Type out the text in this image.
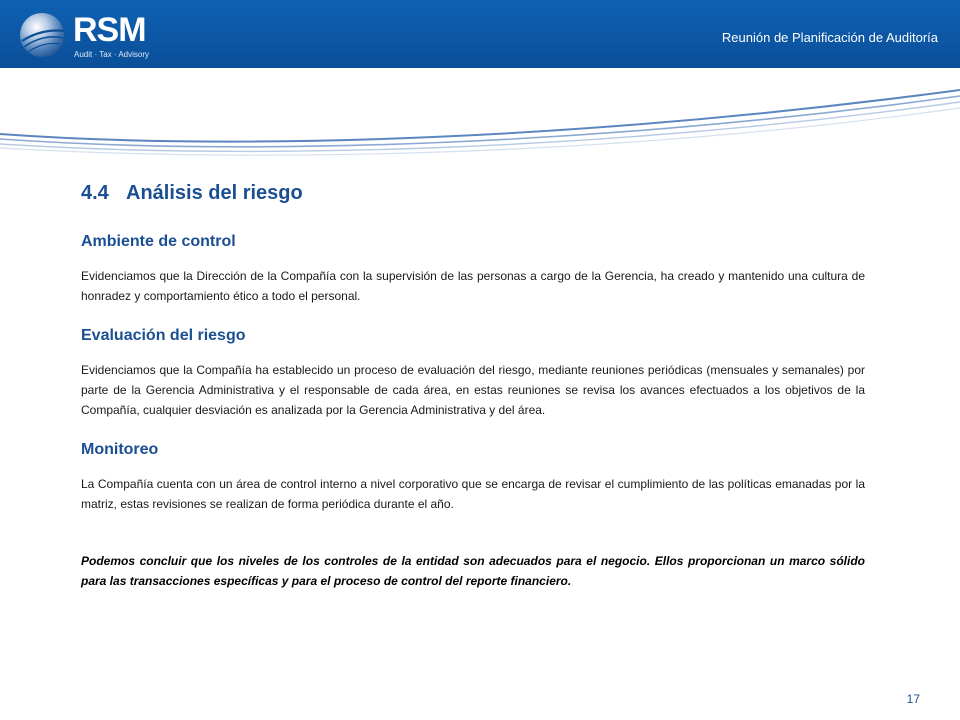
RSM
Audit · Tax · Advisory
Reunión de Planificación de Auditoría
4.4 Análisis del riesgo
Ambiente de control

Evidenciamos que la Dirección de la Compañía con la supervisión de las personas a cargo de la Gerencia, ha creado y mantenido una cultura de honradez y comportamiento ético a todo el personal.

Evaluación del riesgo

Evidenciamos que la Compañía ha establecido un proceso de evaluación del riesgo, mediante reuniones periódicas (mensuales y semanales) por parte de la Gerencia Administrativa y el responsable de cada área, en estas reuniones se revisa los avances efectuados a los objetivos de la Compañía, cualquier desviación es analizada por la Gerencia Administrativa y del área.

Monitoreo

La Compañía cuenta con un área de control interno a nivel corporativo que se encarga de revisar el cumplimiento de las políticas emanadas por la matriz, estas revisiones se realizan de forma periódica durante el año.

Podemos concluir que los niveles de los controles de la entidad son adecuados para el negocio. Ellos proporcionan un marco sólido para las transacciones específicas y para el proceso de control del reporte financiero.

17
